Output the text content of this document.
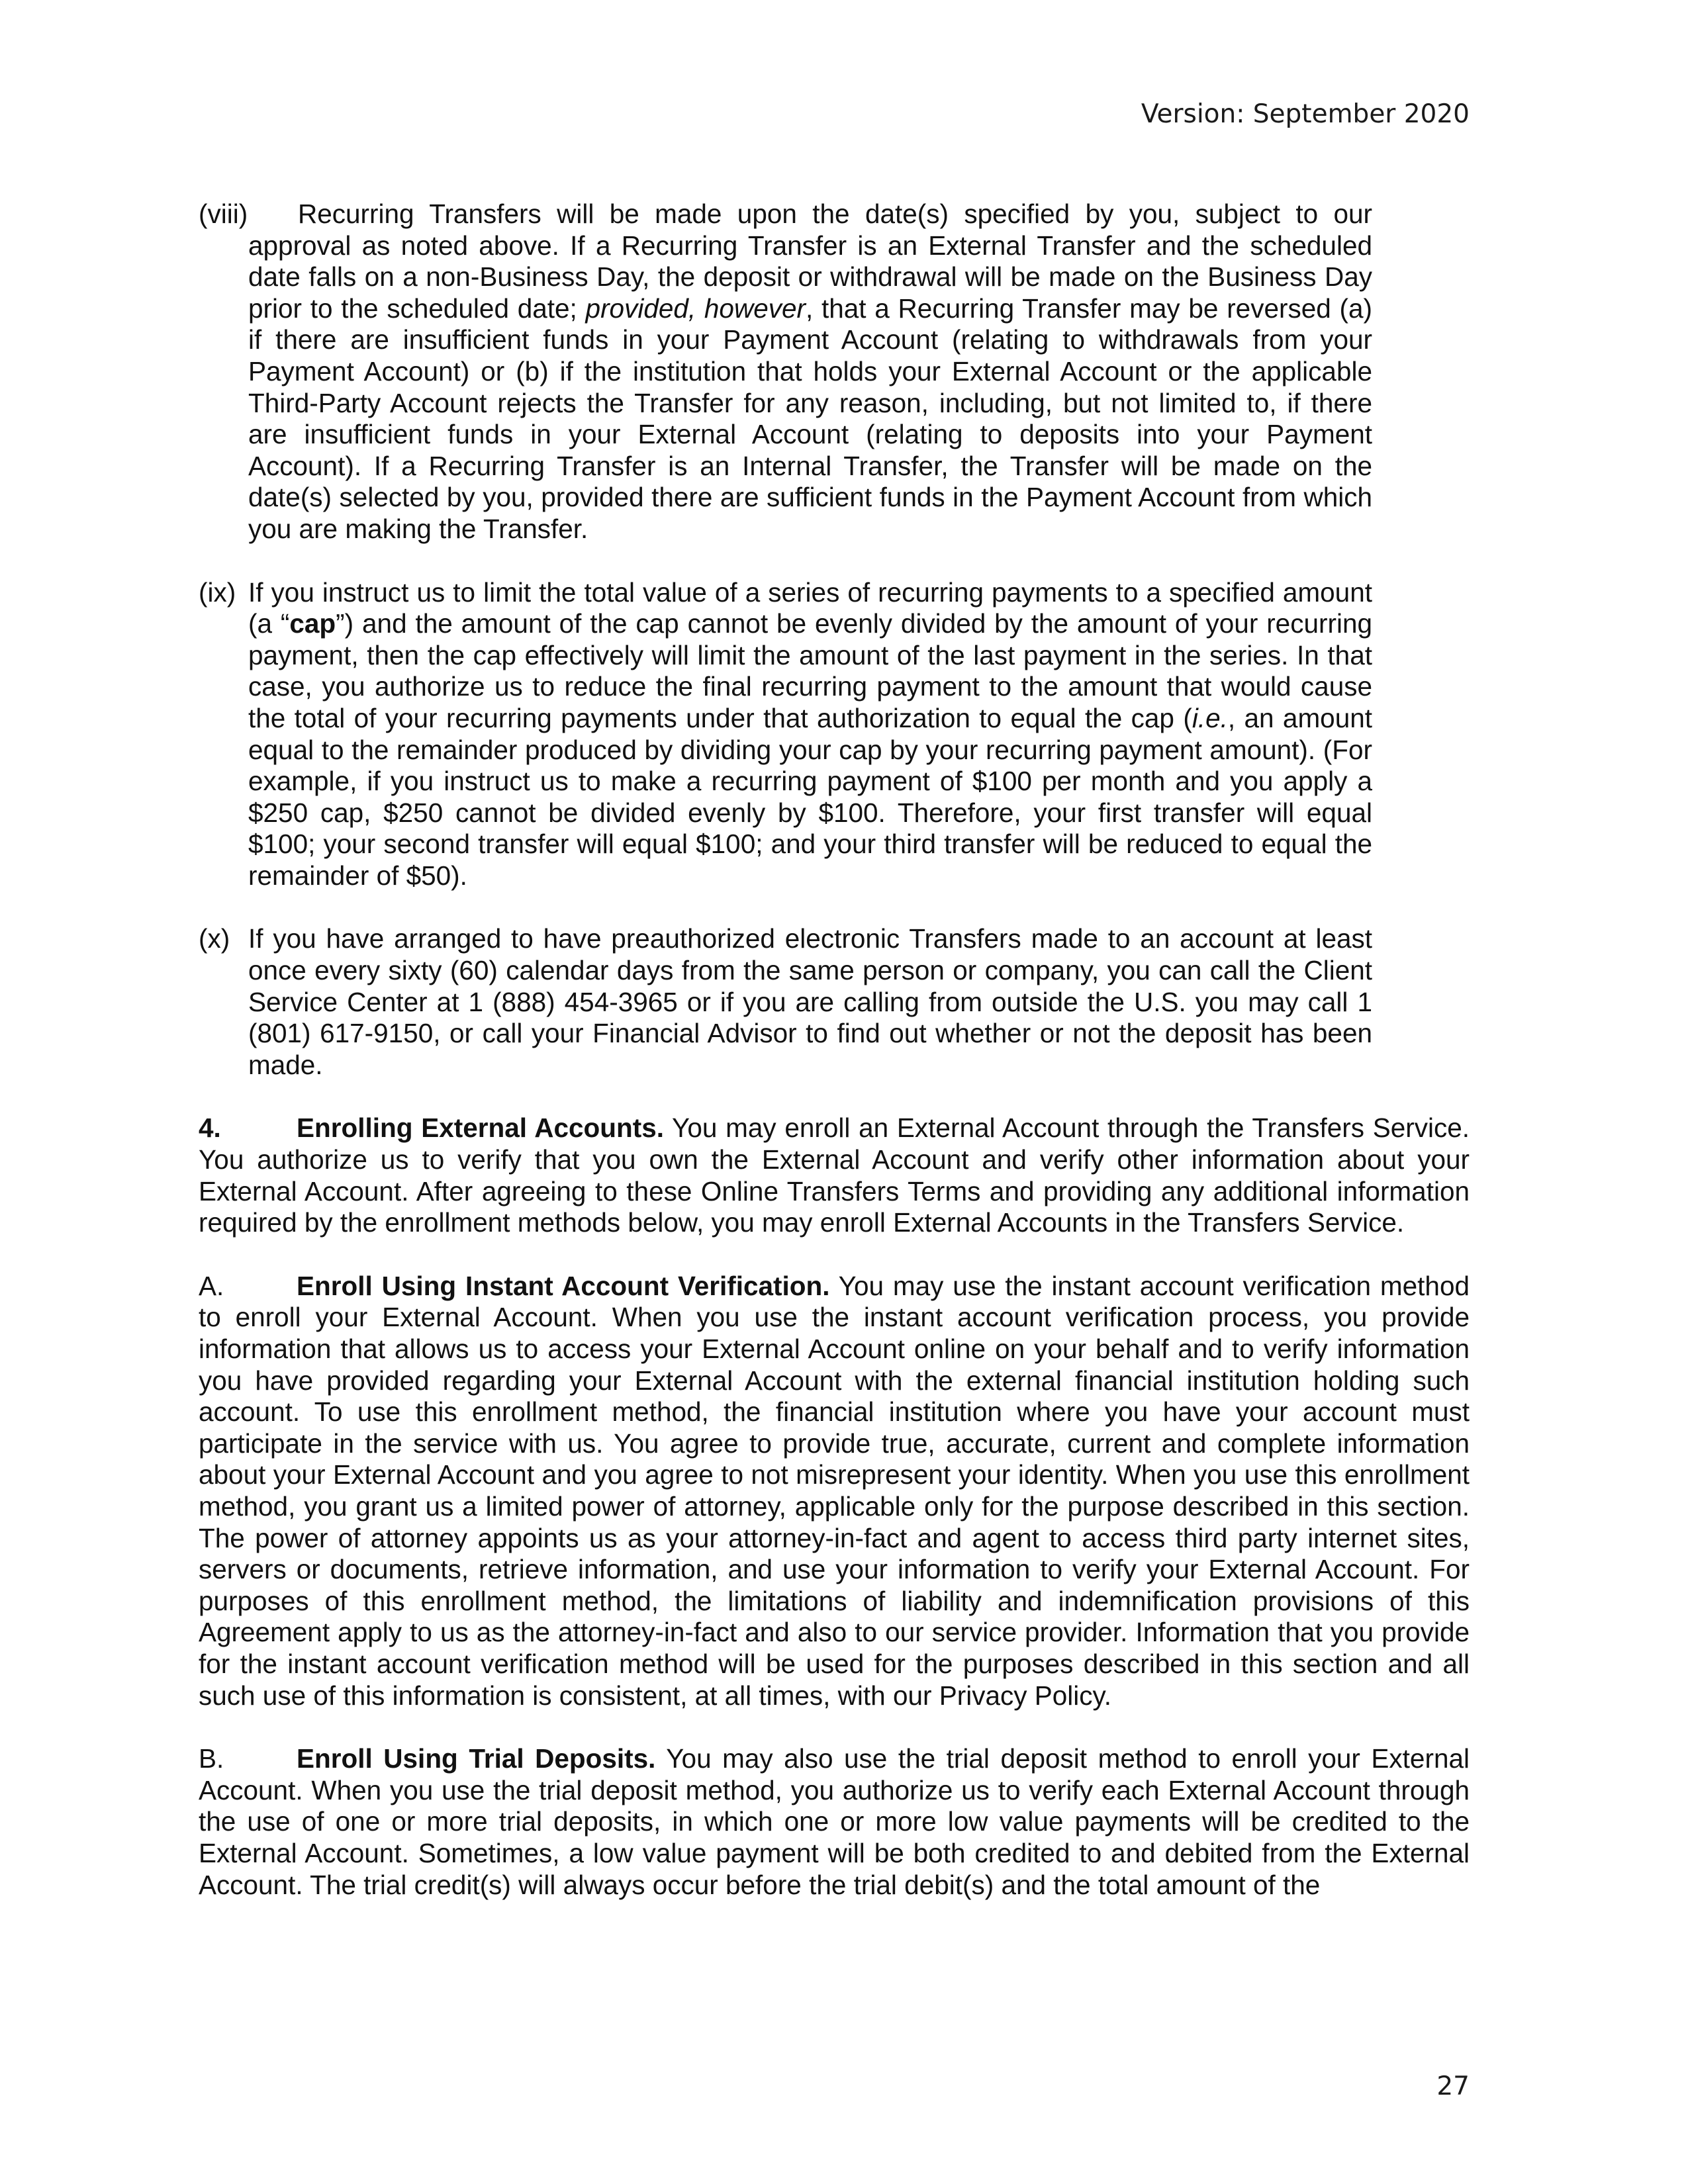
Version: September 2020

(viii) Recurring Transfers will be made upon the date(s) specified by you, subject to our approval as noted above. If a Recurring Transfer is an External Transfer and the scheduled date falls on a non-Business Day, the deposit or withdrawal will be made on the Business Day prior to the scheduled date; provided, however, that a Recurring Transfer may be reversed (a) if there are insufficient funds in your Payment Account (relating to withdrawals from your Payment Account) or (b) if the institution that holds your External Account or the applicable Third-Party Account rejects the Transfer for any reason, including, but not limited to, if there are insufficient funds in your External Account (relating to deposits into your Payment Account). If a Recurring Transfer is an Internal Transfer, the Transfer will be made on the date(s) selected by you, provided there are sufficient funds in the Payment Account from which you are making the Transfer.

(ix) If you instruct us to limit the total value of a series of recurring payments to a specified amount (a “cap”) and the amount of the cap cannot be evenly divided by the amount of your recurring payment, then the cap effectively will limit the amount of the last payment in the series. In that case, you authorize us to reduce the final recurring payment to the amount that would cause the total of your recurring payments under that authorization to equal the cap (i.e., an amount equal to the remainder produced by dividing your cap by your recurring payment amount). (For example, if you instruct us to make a recurring payment of $100 per month and you apply a $250 cap, $250 cannot be divided evenly by $100. Therefore, your first transfer will equal $100; your second transfer will equal $100; and your third transfer will be reduced to equal the remainder of $50).

(x) If you have arranged to have preauthorized electronic Transfers made to an account at least once every sixty (60) calendar days from the same person or company, you can call the Client Service Center at 1 (888) 454-3965 or if you are calling from outside the U.S. you may call 1 (801) 617-9150, or call your Financial Advisor to find out whether or not the deposit has been made.

4.	Enrolling External Accounts. You may enroll an External Account through the Transfers Service. You authorize us to verify that you own the External Account and verify other information about your External Account. After agreeing to these Online Transfers Terms and providing any additional information required by the enrollment methods below, you may enroll External Accounts in the Transfers Service.

A.	Enroll Using Instant Account Verification. You may use the instant account verification method to enroll your External Account. When you use the instant account verification process, you provide information that allows us to access your External Account online on your behalf and to verify information you have provided regarding your External Account with the external financial institution holding such account. To use this enrollment method, the financial institution where you have your account must participate in the service with us. You agree to provide true, accurate, current and complete information about your External Account and you agree to not misrepresent your identity. When you use this enrollment method, you grant us a limited power of attorney, applicable only for the purpose described in this section. The power of attorney appoints us as your attorney-in-fact and agent to access third party internet sites, servers or documents, retrieve information, and use your information to verify your External Account. For purposes of this enrollment method, the limitations of liability and indemnification provisions of this Agreement apply to us as the attorney-in-fact and also to our service provider. Information that you provide for the instant account verification method will be used for the purposes described in this section and all such use of this information is consistent, at all times, with our Privacy Policy.

B.	Enroll Using Trial Deposits. You may also use the trial deposit method to enroll your External Account. When you use the trial deposit method, you authorize us to verify each External Account through the use of one or more trial deposits, in which one or more low value payments will be credited to the External Account. Sometimes, a low value payment will be both credited to and debited from the External Account. The trial credit(s) will always occur before the trial debit(s) and the total amount of the

27
